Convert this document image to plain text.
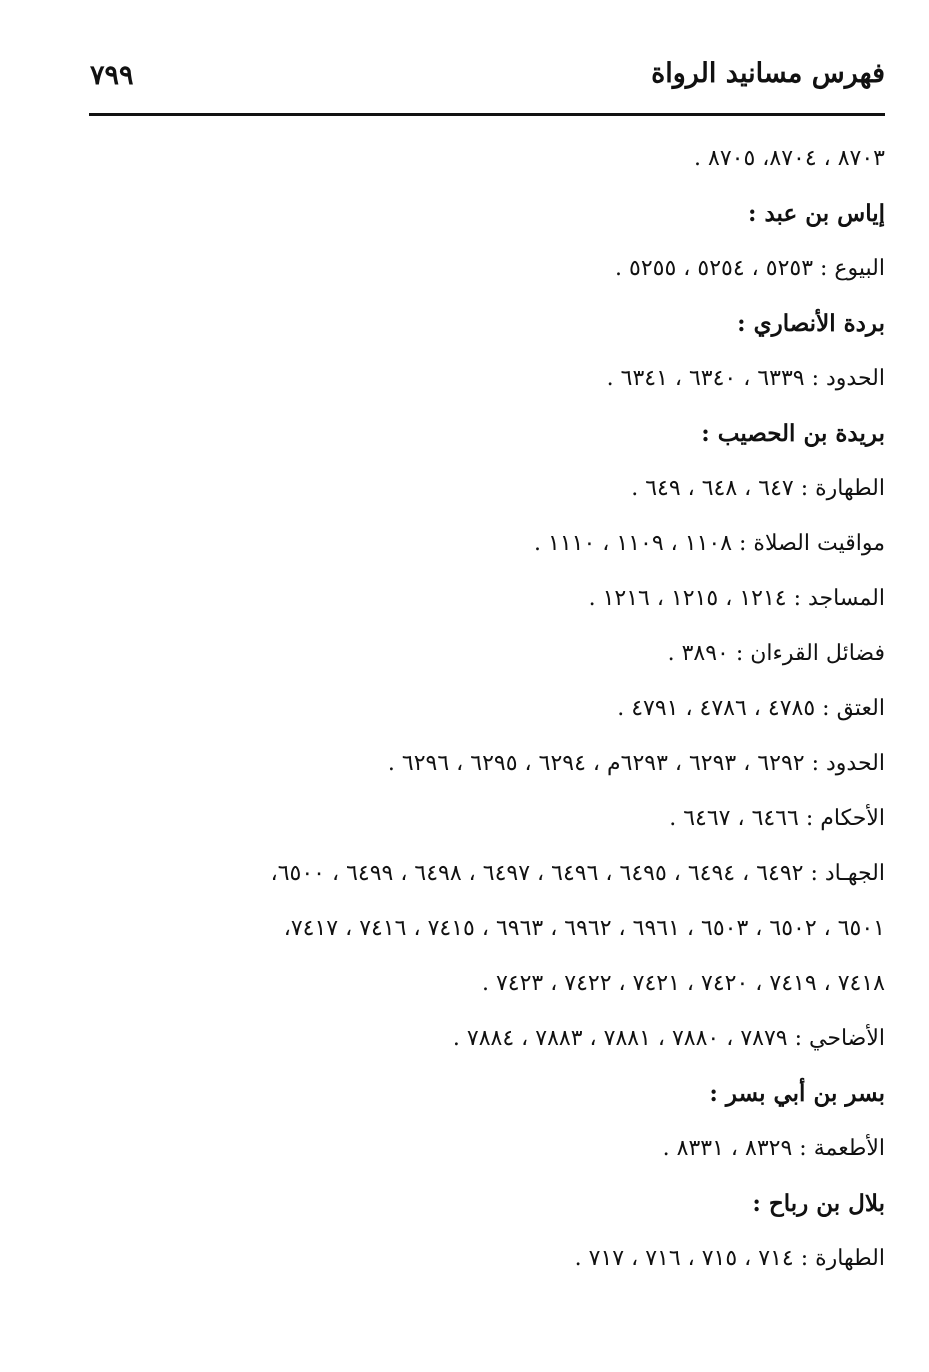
فهرس مسانيد الرواة
٧٩٩
٨٧٠٣ ، ٨٧٠٤، ٨٧٠٥ .
إياس بن عبد :
البيوع : ٥٢٥٣ ، ٥٢٥٤ ، ٥٢٥٥ .
بردة الأنصاري :
الحدود : ٦٣٣٩ ، ٦٣٤٠ ، ٦٣٤١ .
بريدة بن الحصيب :
الطهارة : ٦٤٧ ، ٦٤٨ ، ٦٤٩ .
مواقيت الصلاة : ١١٠٨ ، ١١٠٩ ، ١١١٠ .
المساجد : ١٢١٤ ، ١٢١٥ ، ١٢١٦ .
فضائل القرءان : ٣٨٩٠ .
العتق : ٤٧٨٥ ، ٤٧٨٦ ، ٤٧٩١ .
الحدود : ٦٢٩٢ ، ٦٢٩٣ ، ٦٢٩٣م ، ٦٢٩٤ ، ٦٢٩٥ ، ٦٢٩٦ .
الأحكام : ٦٤٦٦ ، ٦٤٦٧ .
الجهـاد : ٦٤٩٢ ، ٦٤٩٤ ، ٦٤٩٥ ، ٦٤٩٦ ، ٦٤٩٧ ، ٦٤٩٨ ، ٦٤٩٩ ، ٦٥٠٠،
٦٥٠١ ، ٦٥٠٢ ، ٦٥٠٣ ، ٦٩٦١ ، ٦٩٦٢ ، ٦٩٦٣ ، ٧٤١٥ ، ٧٤١٦ ، ٧٤١٧،
٧٤١٨ ، ٧٤١٩ ، ٧٤٢٠ ، ٧٤٢١ ، ٧٤٢٢ ، ٧٤٢٣ .
الأضاحي : ٧٨٧٩ ، ٧٨٨٠ ، ٧٨٨١ ، ٧٨٨٣ ، ٧٨٨٤ .
بسر بن أبي بسر :
الأطعمة : ٨٣٢٩ ، ٨٣٣١ .
بلال بن رباح :
الطهارة : ٧١٤ ، ٧١٥ ، ٧١٦ ، ٧١٧ .
